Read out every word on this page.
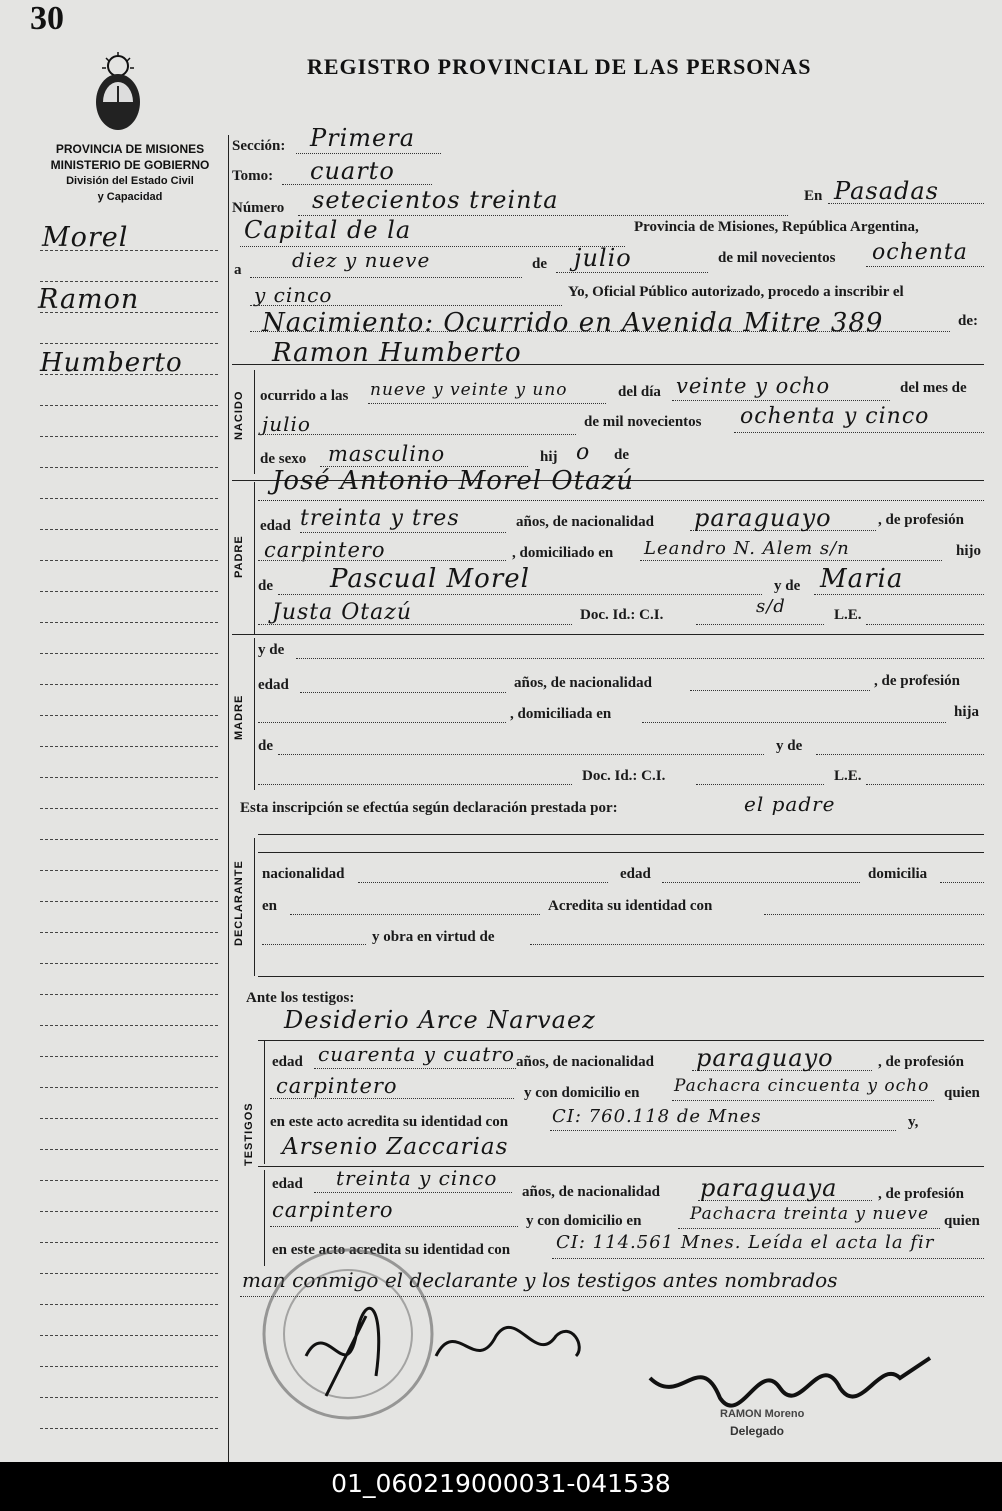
30
REGISTRO PROVINCIAL DE LAS PERSONAS
PROVINCIA DE MISIONES
MINISTERIO DE GOBIERNO
División del Estado Civil
y Capacidad
Morel
Ramon
Humberto
Sección: Primera
Tomo: cuarto
Número setecientos treinta	En Pasadas
Capital de la	Provincia de Misiones, República Argentina,
a	diez y nueve	de julio	de mil novecientos ochenta
y cinco	Yo, Oficial Público autorizado, procedo a inscribir el
Nacimiento: Ocurrido en Avenida Mitre 389	de:
NACIDO
Ramon Humberto
ocurrido a las nueve y veinte y uno	del día veinte y ocho	del mes de
julio	de mil novecientos ochenta y cinco
de sexo masculino	hij o de
PADRE
José Antonio Morel Otazú
edad treinta y tres	años, de nacionalidad paraguayo	, de profesión
carpintero	, domiciliado en Leandro N. Alem s/n	hijo
de Pascual Morel	y de Maria
Justa Otazú	Doc. Id.: C.I.	s/d	L.E.
MADRE
y de
edad	años, de nacionalidad	, de profesión
, domiciliada en	hija
de	y de
Doc. Id.: C.I.	L.E.
Esta inscripción se efectúa según declaración prestada por:	el padre
DECLARANTE nacionalidad	edad	domicilia
en	Acredita su identidad con
y obra en virtud de
Ante los testigos:
TESTIGOS
Desiderio Arce Narvaez
edad cuarenta y cuatro años, de nacionalidad paraguayo	, de profesión
carpintero	y con domicilio en Pachacra cincuenta y ocho quien
en este acto acredita su identidad con CI: 760.118 de Mnes	y,
Arsenio Zaccarias
edad treinta y cinco
años, de nacionalidad paraguaya	, de profesión
carpintero	y con domicilio en	Pachacra treinta y nueve quien
en este acto acredita su identidad con	CI: 114.561 Mnes. Leída el acta la fir
man conmigo el declarante y los testigos antes nombrados
Delegado
RAMON Moreno
01_060219000031-041538
